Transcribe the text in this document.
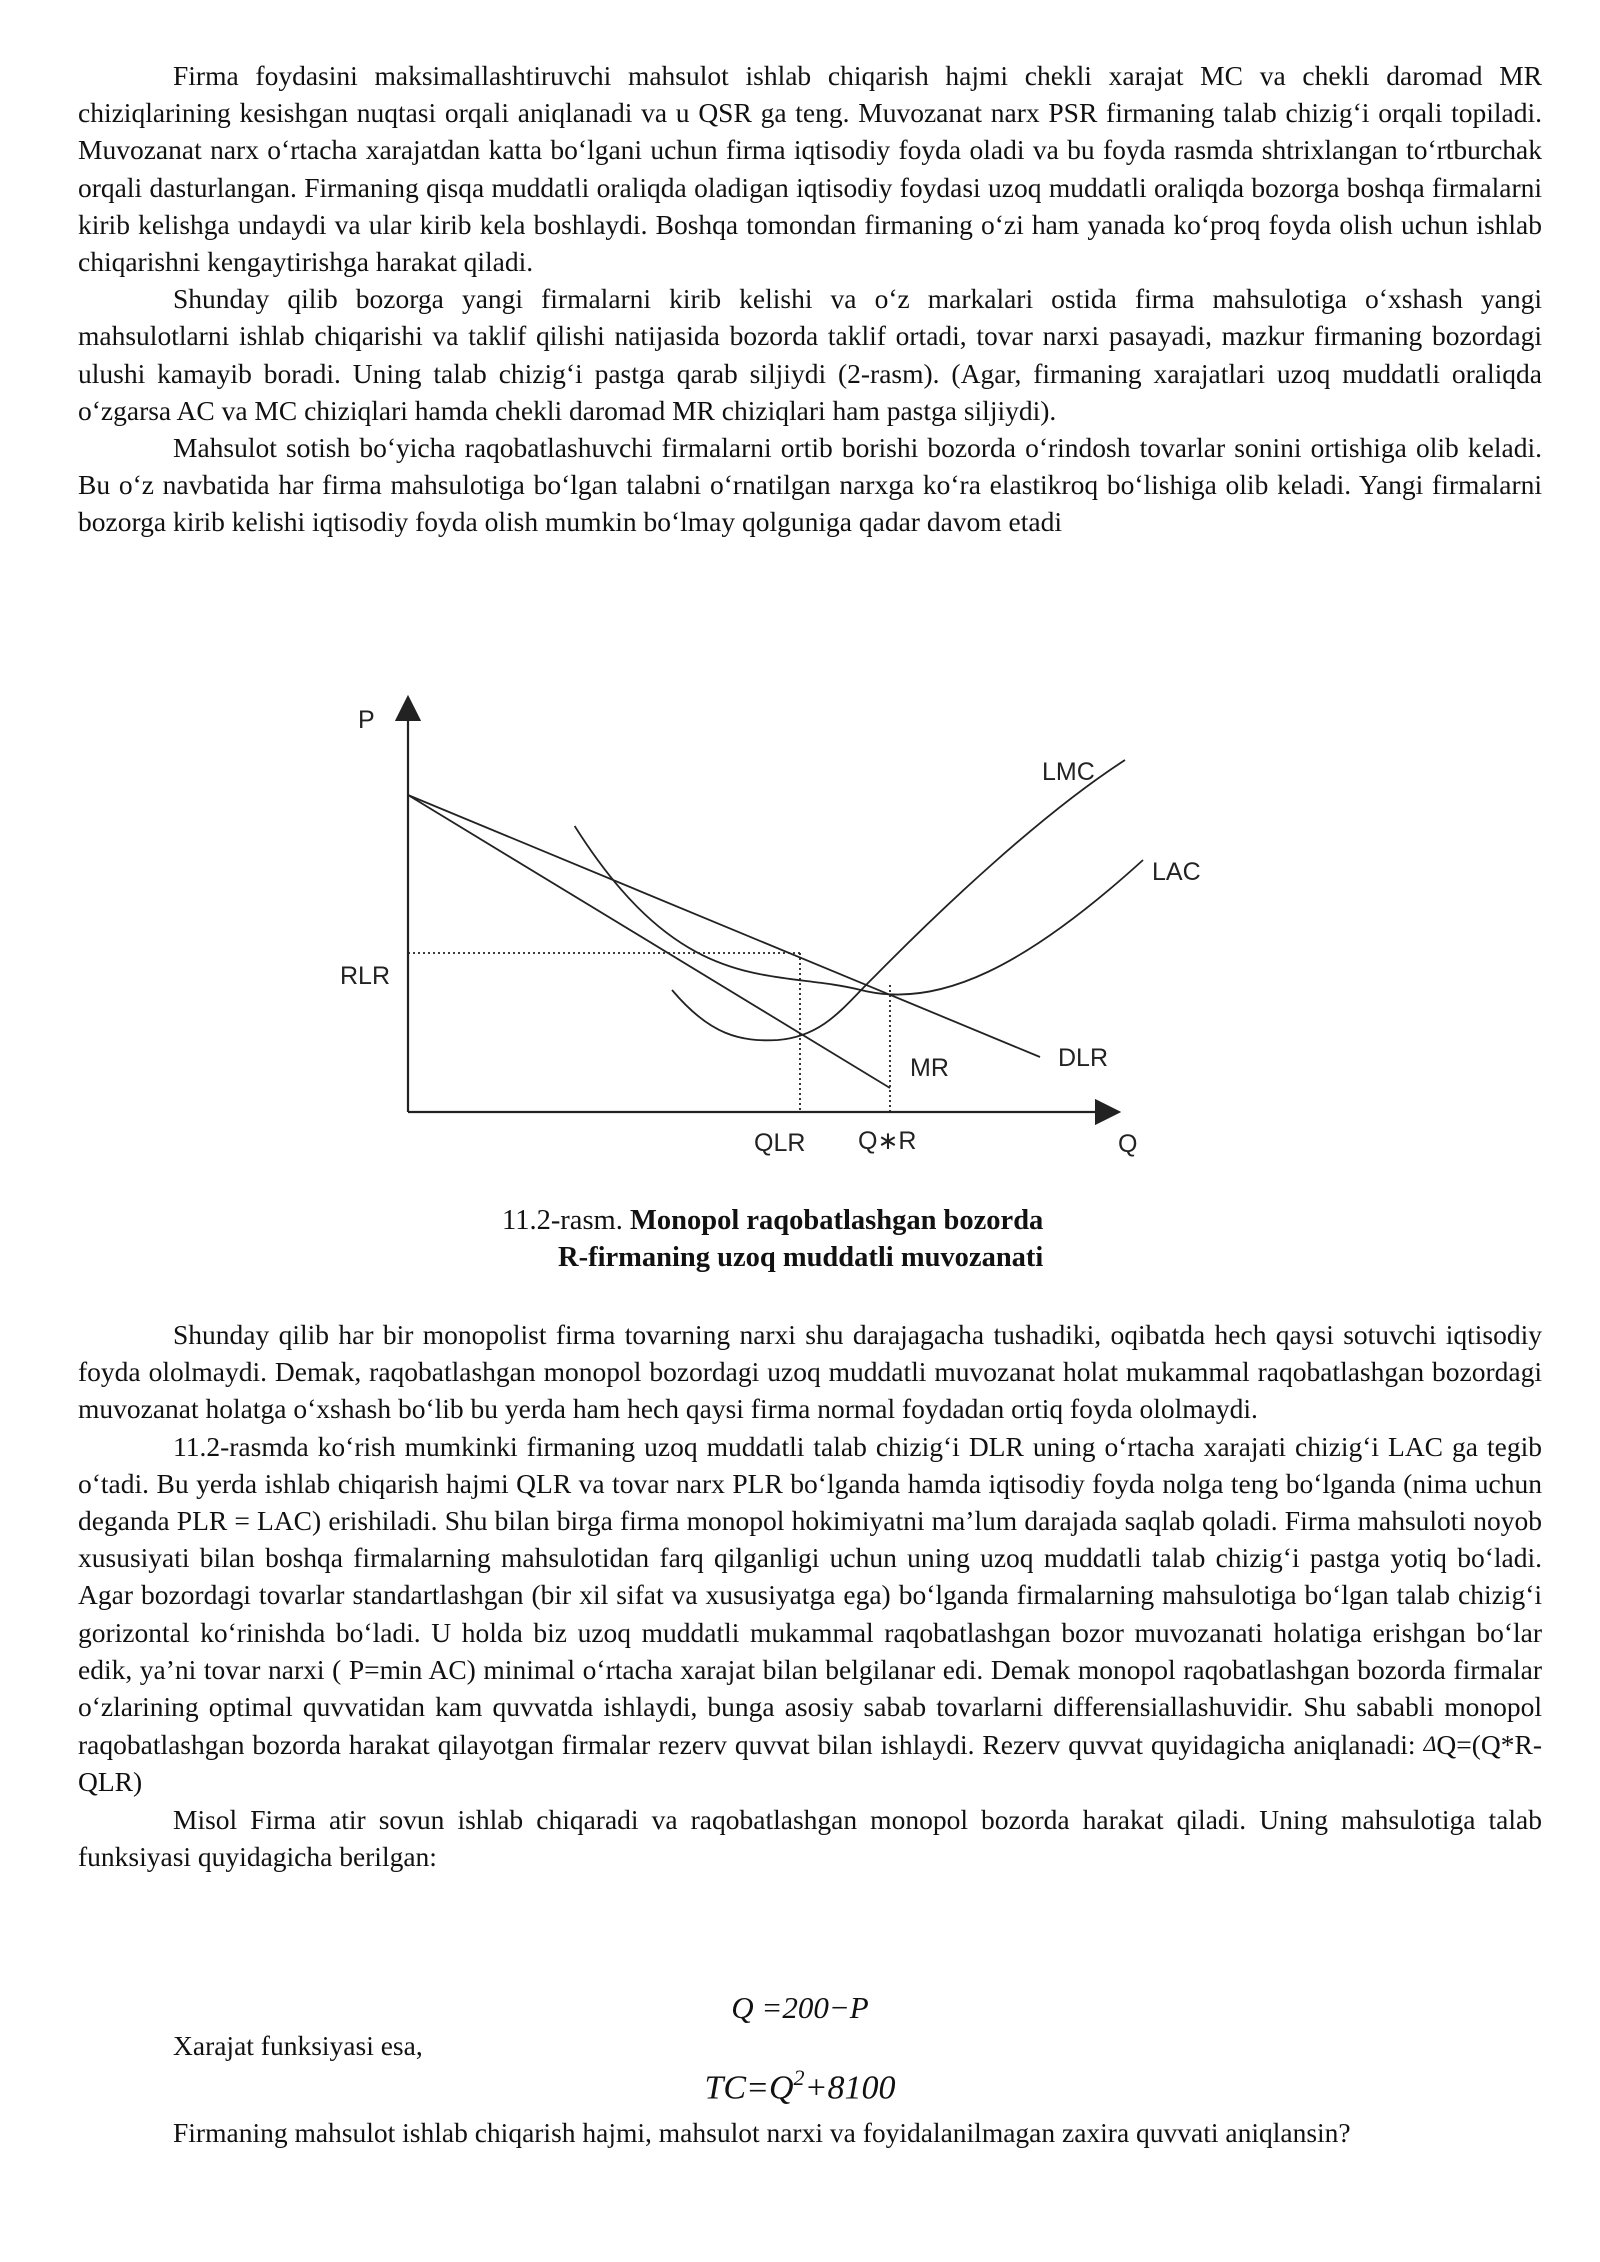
Firma foydasini maksimallashtiruvchi mahsulot ishlab chiqarish hajmi chekli xarajat MC va chekli daromad MR chiziqlarining kesishgan nuqtasi orqali aniqlanadi va u QSR ga teng. Muvozanat narx PSR firmaning talab chizig‘i orqali topiladi. Muvozanat narx o‘rtacha xarajatdan katta bo‘lgani uchun firma iqtisodiy foyda oladi va bu foyda rasmda shtrixlangan to‘rtburchak orqali dasturlangan. Firmaning qisqa muddatli oraliqda oladigan iqtisodiy foydasi uzoq muddatli oraliqda bozorga boshqa firmalarni kirib kelishga undaydi va ular kirib kela boshlaydi. Boshqa tomondan firmaning o‘zi ham yanada ko‘proq foyda olish uchun ishlab chiqarishni kengaytirishga harakat qiladi.

Shunday qilib bozorga yangi firmalarni kirib kelishi va o‘z markalari ostida firma mahsulotiga o‘xshash yangi mahsulotlarni ishlab chiqarishi va taklif qilishi natijasida bozorda taklif ortadi, tovar narxi pasayadi, mazkur firmaning bozordagi ulushi kamayib boradi. Uning talab chizig‘i pastga qarab siljiydi (2-rasm). (Agar, firmaning xarajatlari uzoq muddatli oraliqda o‘zgarsa AC va MC chiziqlari hamda chekli daromad MR chiziqlari ham pastga siljiydi).

Mahsulot sotish bo‘yicha raqobatlashuvchi firmalarni ortib borishi bozorda o‘rindosh tovarlar sonini ortishiga olib keladi. Bu o‘z navbatida har firma mahsulotiga bo‘lgan talabni o‘rnatilgan narxga ko‘ra elastikroq bo‘lishiga olib keladi. Yangi firmalarni bozorga kirib kelishi iqtisodiy foyda olish mumkin bo‘lmay qolguniga qadar davom etadi

P
Q
LMC
LAC
RLR
MR	DLR
QLR Q∗R
11.2-rasm. Monopol raqobatlashgan bozorda
R-firmaning uzoq muddatli muvozanati

Shunday qilib har bir monopolist firma tovarning narxi shu darajagacha tushadiki, oqibatda hech qaysi sotuvchi iqtisodiy foyda ololmaydi. Demak, raqobatlashgan monopol bozordagi uzoq muddatli muvozanat holat mukammal raqobatlashgan bozordagi muvozanat holatga o‘xshash bo‘lib bu yerda ham hech qaysi firma normal foydadan ortiq foyda ololmaydi.

11.2-rasmda ko‘rish mumkinki firmaning uzoq muddatli talab chizig‘i DLR uning o‘rtacha xarajati chizig‘i LAC ga tegib o‘tadi. Bu yerda ishlab chiqarish hajmi QLR va tovar narx PLR bo‘lganda hamda iqtisodiy foyda nolga teng bo‘lganda (nima uchun deganda PLR = LAC) erishiladi. Shu bilan birga firma monopol hokimiyatni ma’lum darajada saqlab qoladi. Firma mahsuloti noyob xususiyati bilan boshqa firmalarning mahsulotidan farq qilganligi uchun uning uzoq muddatli talab chizig‘i pastga yotiq bo‘ladi. Agar bozordagi tovarlar standartlashgan (bir xil sifat va xususiyatga ega) bo‘lganda firmalarning mahsulotiga bo‘lgan talab chizig‘i gorizontal ko‘rinishda bo‘ladi. U holda biz uzoq muddatli mukammal raqobatlashgan bozor muvozanati holatiga erishgan bo‘lar edik, ya’ni tovar narxi ( P=min AC) minimal o‘rtacha xarajat bilan belgilanar edi. Demak monopol raqobatlashgan bozorda firmalar o‘zlarining optimal quvvatidan kam quvvatda ishlaydi, bunga asosiy sabab tovarlarni differensiallashuvidir. Shu sababli monopol raqobatlashgan bozorda harakat qilayotgan firmalar rezerv quvvat bilan ishlaydi. Rezerv quvvat quyidagicha aniqlanadi: ΔQ=(Q*R-QLR)

Misol Firma atir sovun ishlab chiqaradi va raqobatlashgan monopol bozorda harakat qiladi. Uning mahsulotiga talab funksiyasi quyidagicha berilgan:

Q =200−P
Xarajat funksiyasi esa,
$TC=Q^2+8100$

Firmaning mahsulot ishlab chiqarish hajmi, mahsulot narxi va foyidalanilmagan zaxira quvvati aniqlansin?
